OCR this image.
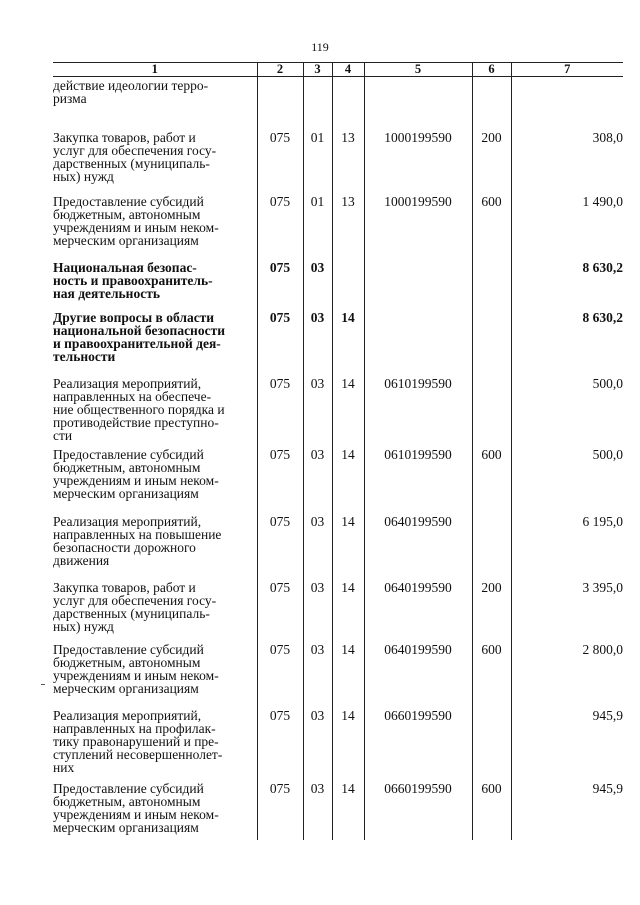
119
1	2	3	4	5	6	7

действие идеологии терро-
ризма						

Закупка товаров, работ и
услуг для обеспечения госу-
дарственных (муниципаль-
ных) нужд	075	01	13	1000199590	200	308,0

Предоставление субсидий
бюджетным, автономным
учреждениям и иным неком-
мерческим организациям	075	01	13	1000199590	600	1 490,0

Национальная безопас-
ность и правоохранитель-
ная деятельность	075	03				8 630,2

Другие вопросы в области
национальной безопасности
и правоохранительной дея-
тельности	075	03	14			8 630,2

Реализация мероприятий,
направленных на обеспече-
ние общественного порядка и
противодействие преступно-
сти	075	03	14	0610199590		500,0

Предоставление субсидий
бюджетным, автономным
учреждениям и иным неком-
мерческим организациям	075	03	14	0610199590	600	500,0

Реализация мероприятий,
направленных на повышение
безопасности дорожного
движения	075	03	14	0640199590		6 195,0

Закупка товаров, работ и
услуг для обеспечения госу-
дарственных (муниципаль-
ных) нужд	075	03	14	0640199590	200	3 395,0

Предоставление субсидий
бюджетным, автономным
учреждениям и иным неком-
мерческим организациям	075	03	14	0640199590	600	2 800,0

Реализация мероприятий,
направленных на профилак-
тику правонарушений и пре-
ступлений несовершеннолет-
них	075	03	14	0660199590		945,9

Предоставление субсидий
бюджетным, автономным
учреждениям и иным неком-
мерческим организациям	075	03	14	0660199590	600	945,9
